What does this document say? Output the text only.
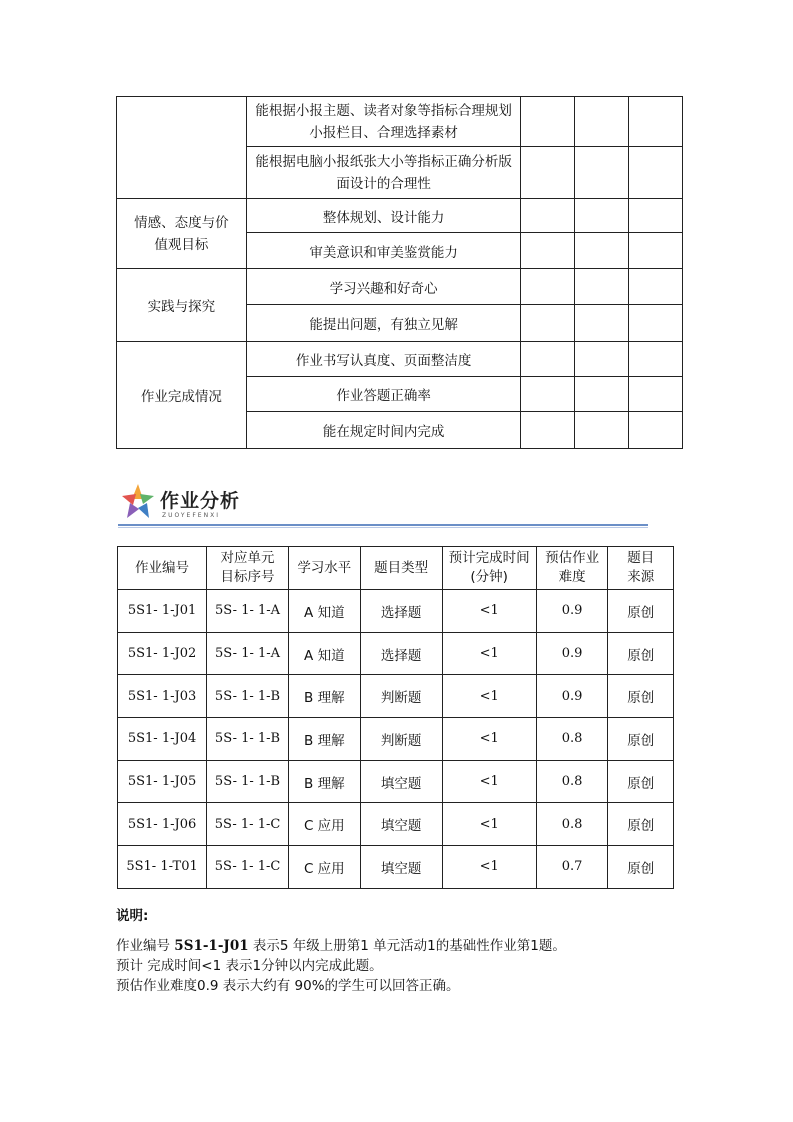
	能根据小报主题、读者对象等指标合理规划小报栏目、合理选择素材			
	能根据电脑小报纸张大小等指标正确分析版面设计的合理性			
情感、态度与价值观目标	整体规划、设计能力			
	审美意识和审美鉴赏能力			
实践与探究	学习兴趣和好奇心			
	能提出问题，有独立见解			
作业完成情况	作业书写认真度、页面整洁度			
	作业答题正确率			
	能在规定时间内完成			
作业分析
ZUOYEFENXI
作业编号	对应单元目标序号	学习水平	题目类型	预计完成时间(分钟)	预估作业难度	题目来源
5S1- 1-J01	5S- 1- 1-A	A 知道	选择题	<1	0.9	原创
5S1- 1-J02	5S- 1- 1-A	A 知道	选择题	<1	0.9	原创
5S1- 1-J03	5S- 1- 1-B	B 理解	判断题	<1	0.9	原创
5S1- 1-J04	5S- 1- 1-B	B 理解	判断题	<1	0.8	原创
5S1- 1-J05	5S- 1- 1-B	B 理解	填空题	<1	0.8	原创
5S1- 1-J06	5S- 1- 1-C	C 应用	填空题	<1	0.8	原创
5S1- 1-T01	5S- 1- 1-C	C 应用	填空题	<1	0.7	原创
说明:
作业编号 5S1-1-J01 表示5 年级上册第1 单元活动1的基础性作业第1题。
预计 完成时间<1 表示1分钟以内完成此题。
预估作业难度0.9 表示大约有 90%的学生可以回答正确。
